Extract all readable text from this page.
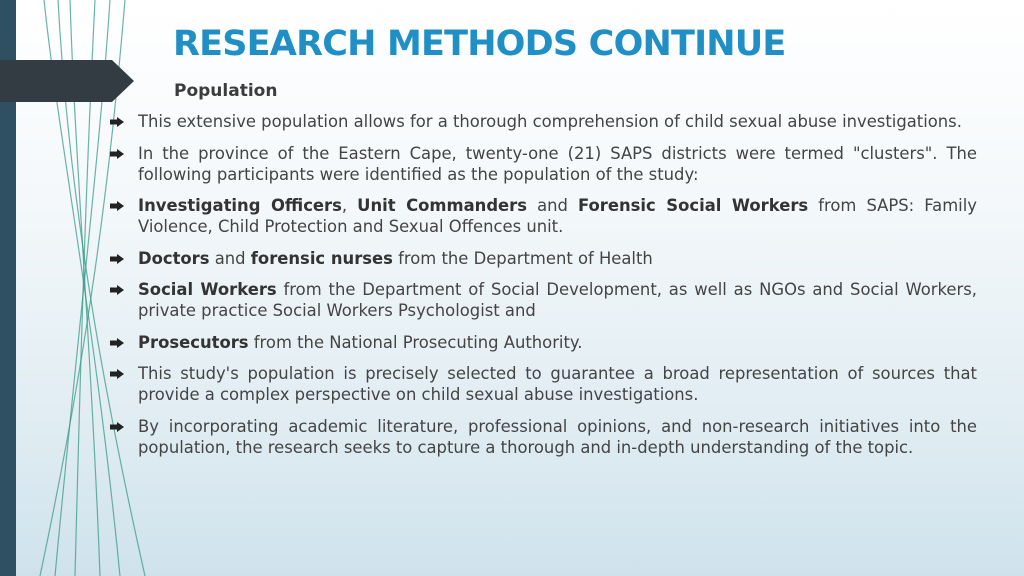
RESEARCH METHODS CONTINUE
Population
This extensive population allows for a thorough comprehension of child sexual abuse investigations.
In the province of the Eastern Cape, twenty-one (21) SAPS districts were termed "clusters". The following participants were identified as the population of the study:
Investigating Officers, Unit Commanders and Forensic Social Workers from SAPS: Family Violence, Child Protection and Sexual Offences unit.
Doctors and forensic nurses from the Department of Health
Social Workers from the Department of Social Development, as well as NGOs and Social Workers, private practice Social Workers Psychologist and
Prosecutors from the National Prosecuting Authority.
This study's population is precisely selected to guarantee a broad representation of sources that provide a complex perspective on child sexual abuse investigations.
By incorporating academic literature, professional opinions, and non-research initiatives into the population, the research seeks to capture a thorough and in-depth understanding of the topic.
